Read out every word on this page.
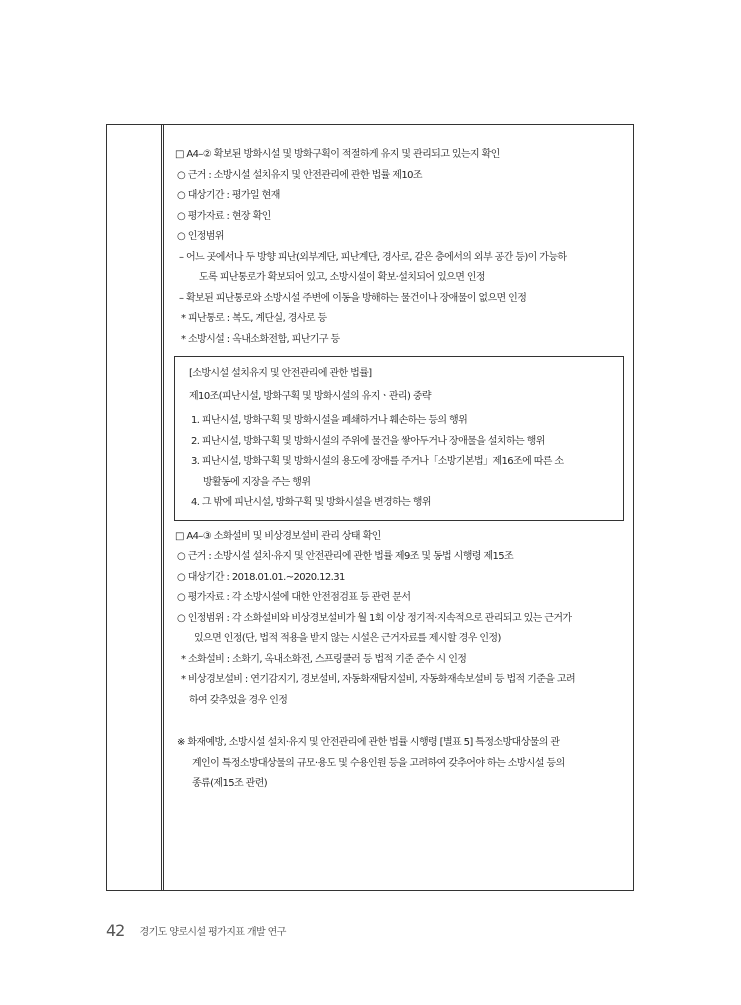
□ A4–② 확보된 방화시설 및 방화구획이 적절하게 유지 및 관리되고 있는지 확인
○ 근거 : 소방시설 설치유지 및 안전관리에 관한 법률 제10조
○ 대상기간 : 평가일 현재
○ 평가자료 : 현장 확인
○ 인정범위
– 어느 곳에서나 두 방향 피난(외부계단, 피난계단, 경사로, 같은 층에서의 외부 공간 등)이 가능하
도록 피난통로가 확보되어 있고, 소방시설이 확보‧설치되어 있으면 인정
– 확보된 피난통로와 소방시설 주변에 이동을 방해하는 물건이나 장애물이 없으면 인정
* 피난통로 : 복도, 계단실, 경사로 등
* 소방시설 : 옥내소화전함, 피난기구 등
[소방시설 설치유지 및 안전관리에 관한 법률]
제10조(피난시설, 방화구획 및 방화시설의 유지ㆍ관리) 중략
1. 피난시설, 방화구획 및 방화시설을 폐쇄하거나 훼손하는 등의 행위
2. 피난시설, 방화구획 및 방화시설의 주위에 물건을 쌓아두거나 장애물을 설치하는 행위
3. 피난시설, 방화구획 및 방화시설의 용도에 장애를 주거나「소방기본법」제16조에 따른 소
방활동에 지장을 주는 행위
4. 그 밖에 피난시설, 방화구획 및 방화시설을 변경하는 행위
□ A4–③ 소화설비 및 비상경보설비 관리 상태 확인
○ 근거 : 소방시설 설치‧유지 및 안전관리에 관한 법률 제9조 및 동법 시행령 제15조
○ 대상기간 : 2018.01.01.~2020.12.31
○ 평가자료 : 각 소방시설에 대한 안전점검표 등 관련 문서
○ 인정범위 : 각 소화설비와 비상경보설비가 월 1회 이상 정기적‧지속적으로 관리되고 있는 근거가
있으면 인정(단, 법적 적용을 받지 않는 시설은 근거자료를 제시할 경우 인정)
* 소화설비 : 소화기, 옥내소화전, 스프링쿨러 등 법적 기준 준수 시 인정
* 비상경보설비 : 연기감지기, 경보설비, 자동화재탐지설비, 자동화재속보설비 등 법적 기준을 고려
하여 갖추었을 경우 인정
※ 화재예방, 소방시설 설치‧유지 및 안전관리에 관한 법률 시행령 [별표 5] 특정소방대상물의 관
계인이 특정소방대상물의 규모‧용도 및 수용인원 등을 고려하여 갖추어야 하는 소방시설 등의
종류(제15조 관련)
42 경기도 양로시설 평가지표 개발 연구
